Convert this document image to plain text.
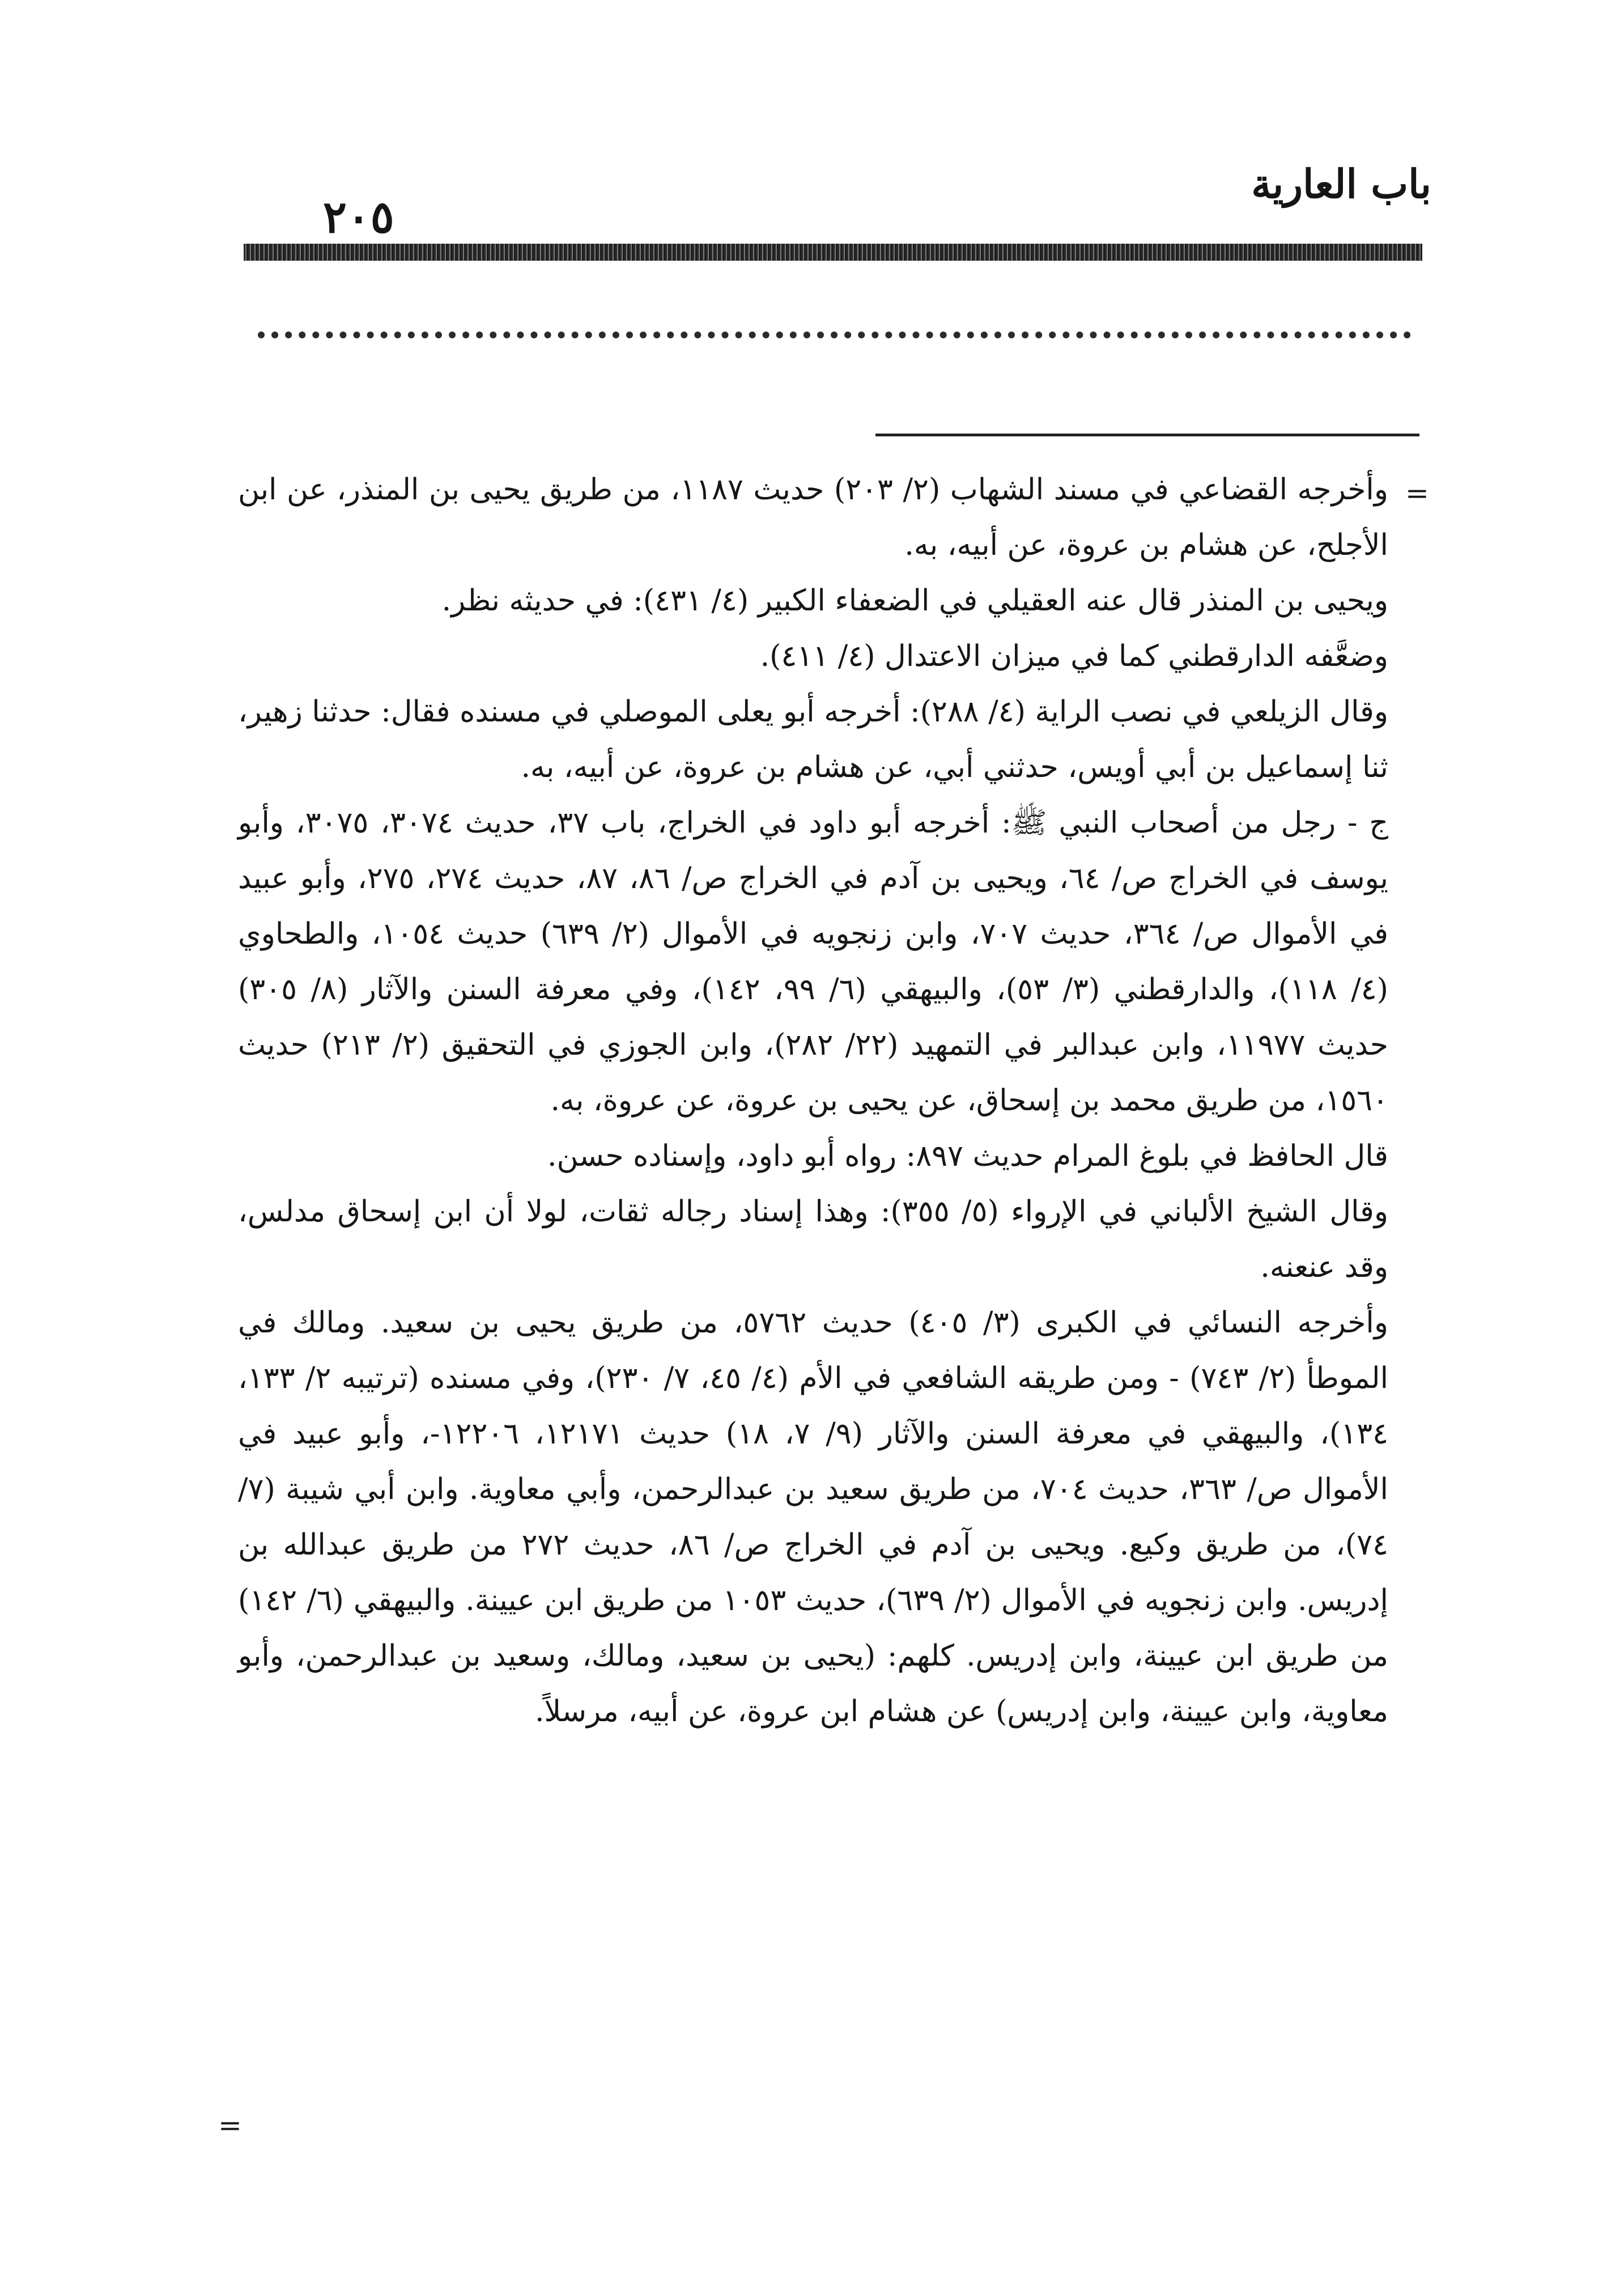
باب العارية
٢٠٥
=
=

وأخرجه القضاعي في مسند الشهاب (٢/ ٢٠٣) حديث ١١٨٧، من طريق يحيى بن المنذر، عن ابن الأجلح، عن هشام بن عروة، عن أبيه، به.

ويحيى بن المنذر قال عنه العقيلي في الضعفاء الكبير (٤/ ٤٣١): في حديثه نظر.

وضعَّفه الدارقطني كما في ميزان الاعتدال (٤/ ٤١١).

وقال الزيلعي في نصب الراية (٤/ ٢٨٨): أخرجه أبو يعلى الموصلي في مسنده فقال: حدثنا زهير، ثنا إسماعيل بن أبي أويس، حدثني أبي، عن هشام بن عروة، عن أبيه، به.

ج - رجل من أصحاب النبي ﷺ: أخرجه أبو داود في الخراج، باب ٣٧، حديث ٣٠٧٤، ٣٠٧٥، وأبو يوسف في الخراج ص/ ٦٤، ويحيى بن آدم في الخراج ص/ ٨٦، ٨٧، حديث ٢٧٤، ٢٧٥، وأبو عبيد في الأموال ص/ ٣٦٤، حديث ٧٠٧، وابن زنجويه في الأموال (٢/ ٦٣٩) حديث ١٠٥٤، والطحاوي (٤/ ١١٨)، والدارقطني (٣/ ٥٣)، والبيهقي (٦/ ٩٩، ١٤٢)، وفي معرفة السنن والآثار (٨/ ٣٠٥) حديث ١١٩٧٧، وابن عبدالبر في التمهيد (٢٢/ ٢٨٢)، وابن الجوزي في التحقيق (٢/ ٢١٣) حديث ١٥٦٠، من طريق محمد بن إسحاق، عن يحيى بن عروة، عن عروة، به.

قال الحافظ في بلوغ المرام حديث ٨٩٧: رواه أبو داود، وإسناده حسن.

وقال الشيخ الألباني في الإرواء (٥/ ٣٥٥): وهذا إسناد رجاله ثقات، لولا أن ابن إسحاق مدلس، وقد عنعنه.

وأخرجه النسائي في الكبرى (٣/ ٤٠٥) حديث ٥٧٦٢، من طريق يحيى بن سعيد. ومالك في الموطأ (٢/ ٧٤٣) - ومن طريقه الشافعي في الأم (٤/ ٤٥، ٧/ ٢٣٠)، وفي مسنده (ترتيبه ٢/ ١٣٣، ١٣٤)، والبيهقي في معرفة السنن والآثار (٩/ ٧، ١٨) حديث ١٢١٧١، ١٢٢٠٦-، وأبو عبيد في الأموال ص/ ٣٦٣، حديث ٧٠٤، من طريق سعيد بن عبدالرحمن، وأبي معاوية. وابن أبي شيبة (٧/ ٧٤)، من طريق وكيع. ويحيى بن آدم في الخراج ص/ ٨٦، حديث ٢٧٢ من طريق عبدالله بن إدريس. وابن زنجويه في الأموال (٢/ ٦٣٩)، حديث ١٠٥٣ من طريق ابن عيينة. والبيهقي (٦/ ١٤٢) من طريق ابن عيينة، وابن إدريس. كلهم: (يحيى بن سعيد، ومالك، وسعيد بن عبدالرحمن، وأبو معاوية، وابن عيينة، وابن إدريس) عن هشام ابن عروة، عن أبيه، مرسلاً.
